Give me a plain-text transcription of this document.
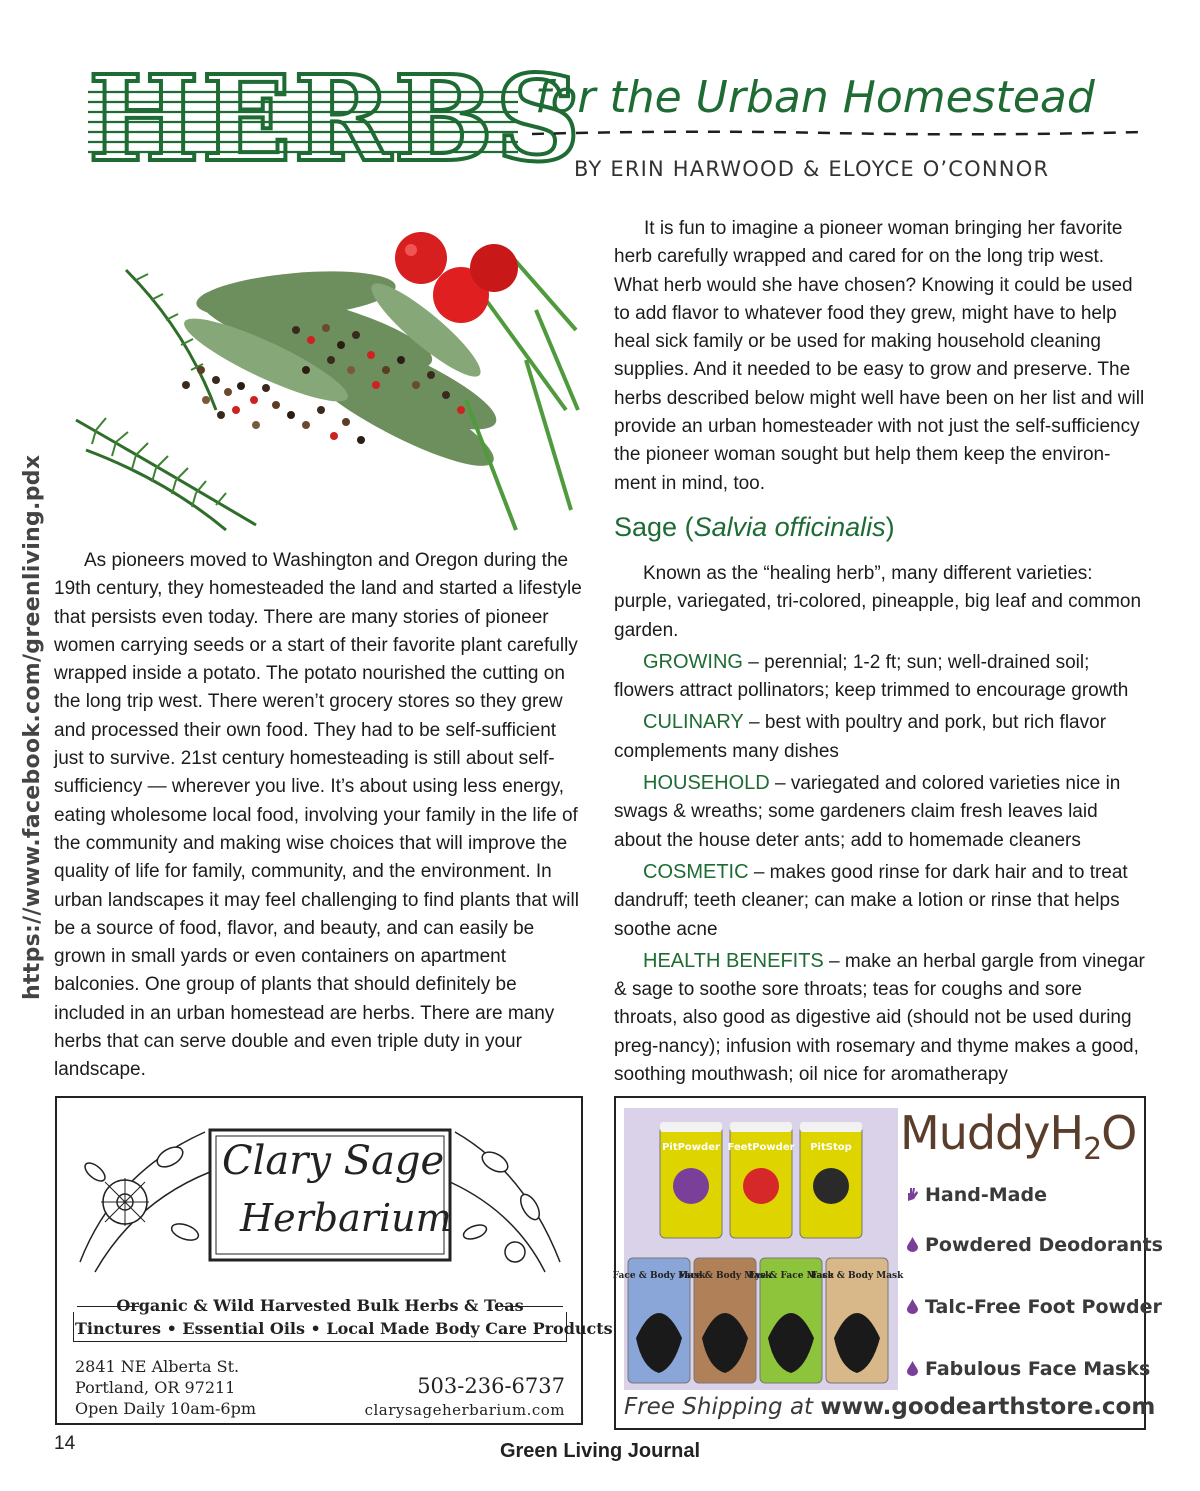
HERBS
for the Urban Homestead
BY ERIN HARWOOD & ELOYCE O’CONNOR
https://www.facebook.com/greenliving.pdx	As pioneers moved to Washington and Oregon during the 19th century, they homesteaded the land and started a lifestyle that persists even today. There are many stories of pioneer women carrying seeds or a start of their favorite plant carefully wrapped inside a potato. The potato nourished the cutting on the long trip west. There weren’t grocery stores so they grew and processed their own food. They had to be self-sufficient just to survive. 21st century homesteading is still about self-sufficiency — wherever you live. It’s about using less energy, eating wholesome local food, involving your family in the life of the community and making wise choices that will improve the quality of life for family, community, and the environment. In urban landscapes it may feel challenging to find plants that will be a source of food, flavor, and beauty, and can easily be grown in small yards or even containers on apartment balconies. One group of plants that should definitely be included in an urban homestead are herbs. There are many herbs that can serve double and even triple duty in your landscape.

It is fun to imagine a pioneer woman bringing her favorite herb carefully wrapped and cared for on the long trip west. What herb would she have chosen? Knowing it could be used to add flavor to whatever food they grew, might have to help heal sick family or be used for making household cleaning supplies. And it needed to be easy to grow and preserve. The herbs described below might well have been on her list and will provide an urban homesteader with not just the self-sufficiency the pioneer woman sought but help them keep the environ-ment in mind, too.

Sage (Salvia officinalis)

Known as the “healing herb”, many different varieties: purple, variegated, tri-colored, pineapple, big leaf and common garden.

GROWING – perennial; 1-2 ft; sun; well-drained soil; flowers attract pollinators; keep trimmed to encourage growth

CULINARY – best with poultry and pork, but rich flavor complements many dishes

HOUSEHOLD – variegated and colored varieties nice in swags & wreaths; some gardeners claim fresh leaves laid about the house deter ants; add to homemade cleaners

COSMETIC – makes good rinse for dark hair and to treat dandruff; teeth cleaner; can make a lotion or rinse that helps soothe acne

HEALTH BENEFITS – make an herbal gargle from vinegar & sage to soothe sore throats; teas for coughs and sore throats, also good as digestive aid (should not be used during preg-nancy); infusion with rosemary and thyme makes a good, soothing mouthwash; oil nice for aromatherapy

Clary Sage
Herbarium
Organic & Wild Harvested Bulk Herbs & Teas
Tinctures • Essential Oils • Local Made Body Care Products
2841 NE Alberta St.
Portland, OR 97211
Open Daily 10am-6pm
503-236-6737
clarysageherbarium.com
PitPowder FeetPowder PitStop
Face & Body Mask
Face & Body Mask
Eye & Face Mask
Face & Body Mask
MuddyH$_2$O
Hand-Made
Powdered Deodorants
Talc-Free Foot Powder
Fabulous Face Masks
Free Shipping at www.goodearthstore.com
14	Green Living Journal
